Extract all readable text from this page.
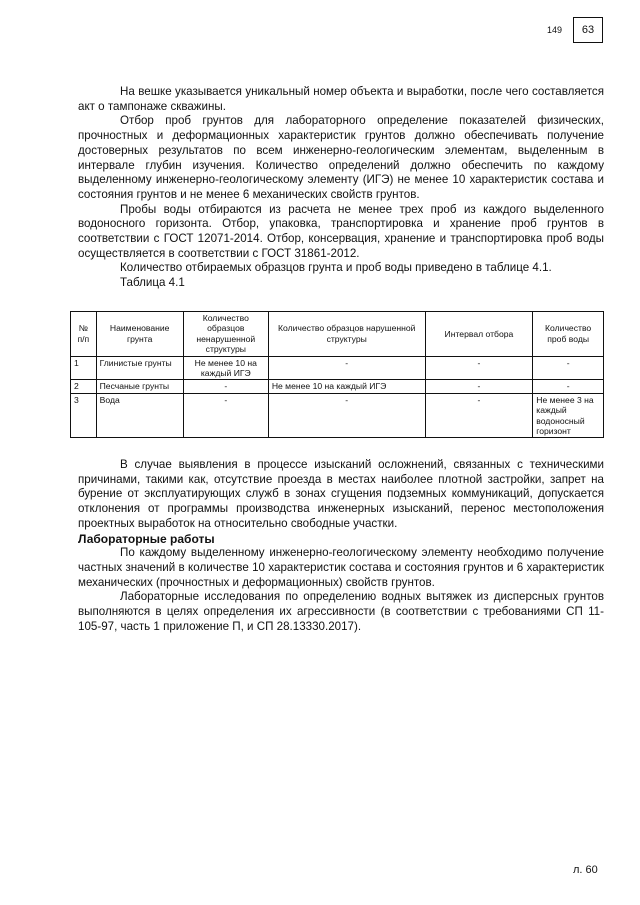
149	63

На вешке указывается уникальный номер объекта и выработки, после чего составляется акт о тампонаже скважины.

Отбор проб грунтов для лабораторного определение показателей физических, прочностных и деформационных характеристик грунтов должно обеспечивать получение достоверных результатов по всем инженерно-геологическим элементам, выделенным в интервале глубин изучения. Количество определений должно обеспечить по каждому выделенному инженерно-геологическому элементу (ИГЭ) не менее 10 характеристик состава и состояния грунтов и не менее 6 механических свойств грунтов.

Пробы воды отбираются из расчета не менее трех проб из каждого выделенного водоносного горизонта. Отбор, упаковка, транспортировка и хранение проб грунтов в соответствии с ГОСТ 12071-2014. Отбор, консервация, хранение и транспортировка проб воды осуществляется в соответствии с ГОСТ 31861-2012.

Количество отбираемых образцов грунта и проб воды приведено в таблице 4.1.

Таблица 4.1

№ п/п	Наименование грунта	Количество образцов ненарушенной структуры	Количество образцов нарушенной структуры	Интервал отбора	Количество проб воды
1	Глинистые грунты	Не менее 10 на каждый ИГЭ	-	-	-
2	Песчаные грунты	-	Не менее 10 на каждый ИГЭ	-	-
3	Вода	-	-	-	Не менее 3 на каждый водоносный горизонт

В случае выявления в процессе изысканий осложнений, связанных с техническими причинами, такими как, отсутствие проезда в местах наиболее плотной застройки, запрет на бурение от эксплуатирующих служб в зонах сгущения подземных коммуникаций, допускается отклонения от программы производства инженерных изысканий, перенос местоположения проектных выработок на относительно свободные участки.

Лабораторные работы

По каждому выделенному инженерно-геологическому элементу необходимо получение частных значений в количестве 10 характеристик состава и состояния грунтов и 6 характеристик механических (прочностных и деформационных) свойств грунтов.

Лабораторные исследования по определению водных вытяжек из дисперсных грунтов выполняются в целях определения их агрессивности (в соответствии с требованиями СП 11-105-97, часть 1 приложение П, и СП 28.13330.2017).

л. 60
